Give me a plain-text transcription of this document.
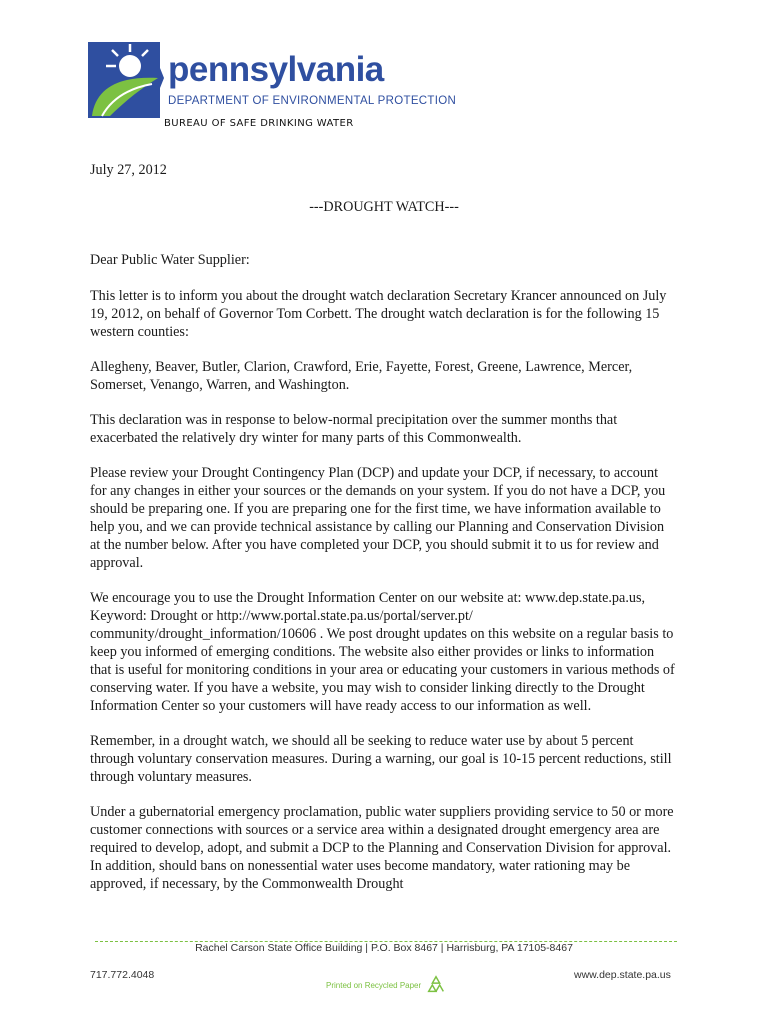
pennsylvania
DEPARTMENT OF ENVIRONMENTAL PROTECTION
BUREAU OF SAFE DRINKING WATER
July 27, 2012
---DROUGHT WATCH---
Dear Public Water Supplier:

This letter is to inform you about the drought watch declaration Secretary Krancer announced on July 19, 2012, on behalf of Governor Tom Corbett. The drought watch declaration is for the following 15 western counties:

Allegheny, Beaver, Butler, Clarion, Crawford, Erie, Fayette, Forest, Greene, Lawrence, Mercer, Somerset, Venango, Warren, and Washington.

This declaration was in response to below-normal precipitation over the summer months that exacerbated the relatively dry winter for many parts of this Commonwealth.

Please review your Drought Contingency Plan (DCP) and update your DCP, if necessary, to account for any changes in either your sources or the demands on your system. If you do not have a DCP, you should be preparing one. If you are preparing one for the first time, we have information available to help you, and we can provide technical assistance by calling our Planning and Conservation Division at the number below. After you have completed your DCP, you should submit it to us for review and approval.

We encourage you to use the Drought Information Center on our website at: www.dep.state.pa.us, Keyword: Drought or http://www.portal.state.pa.us/portal/server.pt/ community/drought_information/10606 . We post drought updates on this website on a regular basis to keep you informed of emerging conditions. The website also either provides or links to information that is useful for monitoring conditions in your area or educating your customers in various methods of conserving water. If you have a website, you may wish to consider linking directly to the Drought Information Center so your customers will have ready access to our information as well.

Remember, in a drought watch, we should all be seeking to reduce water use by about 5 percent through voluntary conservation measures. During a warning, our goal is 10-15 percent reductions, still through voluntary measures.

Under a gubernatorial emergency proclamation, public water suppliers providing service to 50 or more customer connections with sources or a service area within a designated drought emergency area are required to develop, adopt, and submit a DCP to the Planning and Conservation Division for approval. In addition, should bans on nonessential water uses become mandatory, water rationing may be approved, if necessary, by the Commonwealth Drought

Rachel Carson State Office Building | P.O. Box 8467 | Harrisburg, PA 17105-8467
717.772.4048
Printed on Recycled Paper
www.dep.state.pa.us
